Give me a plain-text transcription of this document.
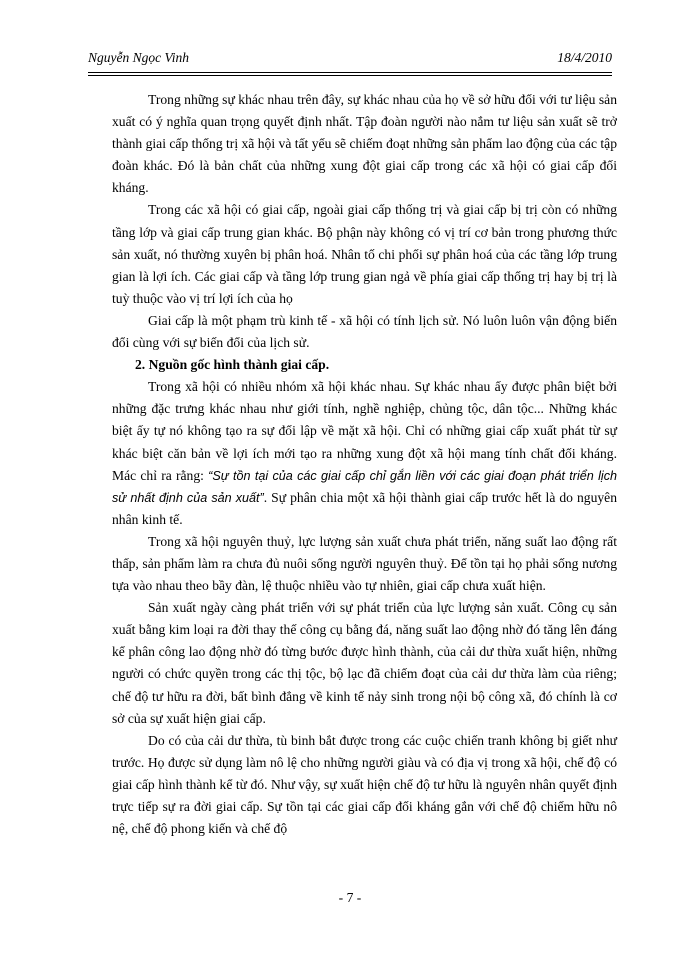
Nguyễn Ngọc Vinh	18/4/2010

Trong những sự khác nhau trên đây, sự khác nhau của họ về sở hữu đối với tư liệu sản xuất có ý nghĩa quan trọng quyết định nhất. Tập đoàn người nào nắm tư liệu sản xuất sẽ trở thành giai cấp thống trị xã hội và tất yếu sẽ chiếm đoạt những sản phẩm lao động của các tập đoàn khác. Đó là bản chất của những xung đột giai cấp trong các xã hội có giai cấp đối kháng.

Trong các xã hội có giai cấp, ngoài giai cấp thống trị và giai cấp bị trị còn có những tầng lớp và giai cấp trung gian khác. Bộ phận này không có vị trí cơ bản trong phương thức sản xuất, nó thường xuyên bị phân hoá. Nhân tố chi phối sự phân hoá của các tầng lớp trung gian là lợi ích. Các giai cấp và tầng lớp trung gian ngả về phía giai cấp thống trị hay bị trị là tuỳ thuộc vào vị trí lợi ích của họ

Giai cấp là một phạm trù kinh tế - xã hội có tính lịch sử. Nó luôn luôn vận động biến đổi cùng với sự biến đổi của lịch sử.

2. Nguồn gốc hình thành giai cấp.

Trong xã hội có nhiều nhóm xã hội khác nhau. Sự khác nhau ấy được phân biệt bởi những đặc trưng khác nhau như giới tính, nghề nghiệp, chủng tộc, dân tộc... Những khác biệt ấy tự nó không tạo ra sự đối lập về mặt xã hội. Chỉ có những giai cấp xuất phát từ sự khác biệt căn bản về lợi ích mới tạo ra những xung đột xã hội mang tính chất đối kháng. Mác chỉ ra rằng: “Sự tồn tại của các giai cấp chỉ gắn liền với các giai đoạn phát triển lịch sử nhất định của sản xuất”. Sự phân chia một xã hội thành giai cấp trước hết là do nguyên nhân kinh tế.

Trong xã hội nguyên thuỷ, lực lượng sản xuất chưa phát triển, năng suất lao động rất thấp, sản phẩm làm ra chưa đủ nuôi sống người nguyên thuỷ. Để tồn tại họ phải sống nương tựa vào nhau theo bầy đàn, lệ thuộc nhiều vào tự nhiên, giai cấp chưa xuất hiện.

Sản xuất ngày càng phát triển với sự phát triển của lực lượng sản xuất. Công cụ sản xuất bằng kim loại ra đời thay thế công cụ bằng đá, năng suất lao động nhờ đó tăng lên đáng kể phân công lao động nhờ đó từng bước được hình thành, của cải dư thừa xuất hiện, những người có chức quyền trong các thị tộc, bộ lạc đã chiếm đoạt của cải dư thừa làm của riêng; chế độ tư hữu ra đời, bất bình đẳng về kinh tế nảy sinh trong nội bộ công xã, đó chính là cơ sở của sự xuất hiện giai cấp.

Do có của cải dư thừa, tù binh bắt được trong các cuộc chiến tranh không bị giết như trước. Họ được sử dụng làm nô lệ cho những người giàu và có địa vị trong xã hội, chế độ có giai cấp hình thành kể từ đó. Như vậy, sự xuất hiện chế độ tư hữu là nguyên nhân quyết định trực tiếp sự ra đời giai cấp. Sự tồn tại các giai cấp đối kháng gắn với chế độ chiếm hữu nô nệ, chế độ phong kiến và chế độ

- 7 -
